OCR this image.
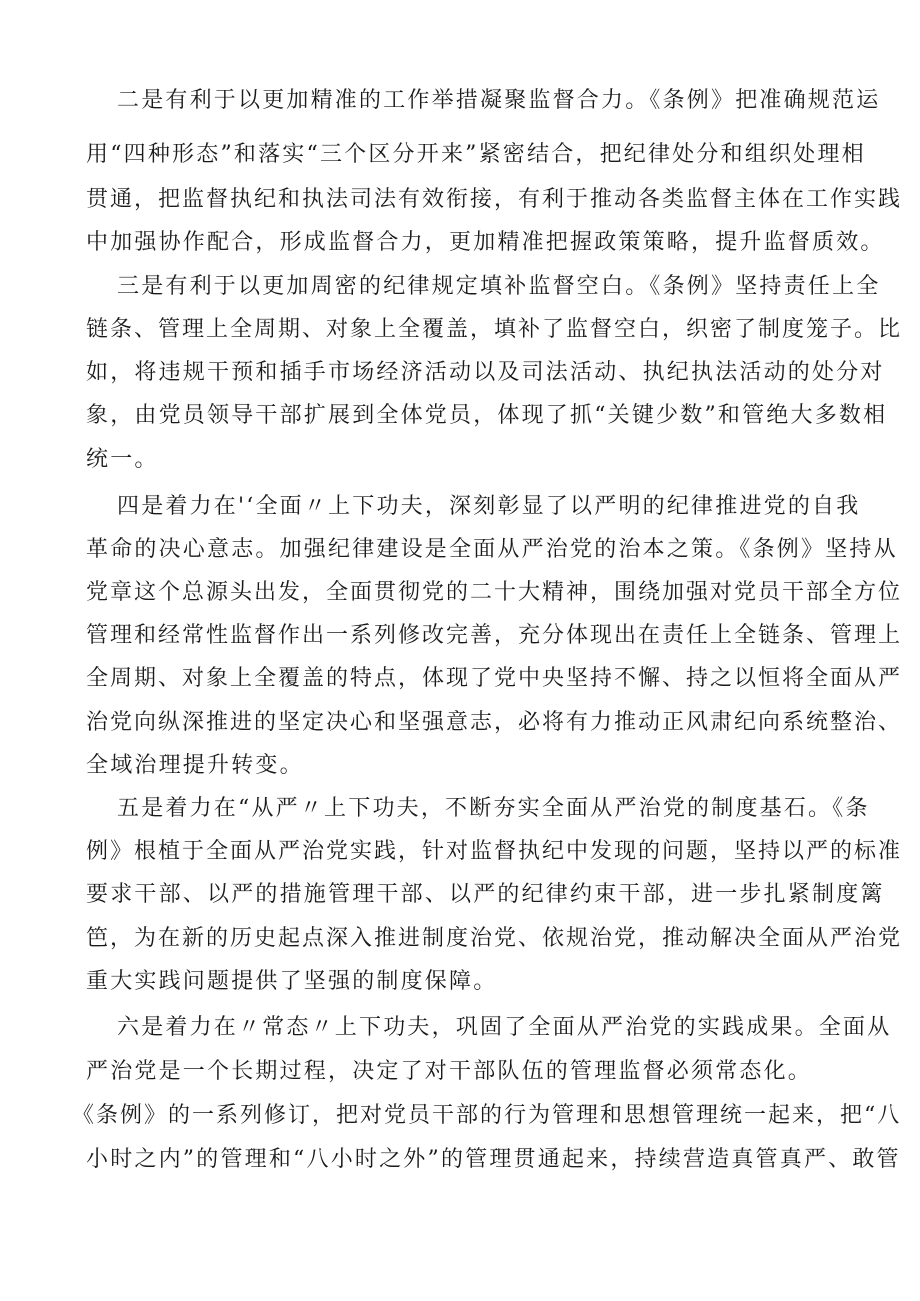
二是有利于以更加精准的工作举措凝聚监督合力。《条例》把准确规范运
用“四种形态”和落实“三个区分开来”紧密结合，把纪律处分和组织处理相
贯通，把监督执纪和执法司法有效衔接，有利于推动各类监督主体在工作实践
中加强协作配合，形成监督合力，更加精准把握政策策略，提升监督质效。
三是有利于以更加周密的纪律规定填补监督空白。《条例》坚持责任上全
链条、管理上全周期、对象上全覆盖，填补了监督空白，织密了制度笼子。比
如，将违规干预和插手市场经济活动以及司法活动、执纪执法活动的处分对
象，由党员领导干部扩展到全体党员，体现了抓“关键少数”和管绝大多数相
统一。
四是着力在'‘全面〃上下功夫，深刻彰显了以严明的纪律推进党的自我
革命的决心意志。加强纪律建设是全面从严治党的治本之策。《条例》坚持从
党章这个总源头出发，全面贯彻党的二十大精神，围绕加强对党员干部全方位
管理和经常性监督作出一系列修改完善，充分体现出在责任上全链条、管理上
全周期、对象上全覆盖的特点，体现了党中央坚持不懈、持之以恒将全面从严
治党向纵深推进的坚定决心和坚强意志，必将有力推动正风肃纪向系统整治、
全域治理提升转变。
五是着力在“从严〃上下功夫，不断夯实全面从严治党的制度基石。《条
例》根植于全面从严治党实践，针对监督执纪中发现的问题，坚持以严的标准
要求干部、以严的措施管理干部、以严的纪律约束干部，进一步扎紧制度篱
笆，为在新的历史起点深入推进制度治党、依规治党，推动解决全面从严治党
重大实践问题提供了坚强的制度保障。
六是着力在〃常态〃上下功夫，巩固了全面从严治党的实践成果。全面从
严治党是一个长期过程，决定了对干部队伍的管理监督必须常态化。
《条例》的一系列修订，把对党员干部的行为管理和思想管理统一起来，把“八
小时之内”的管理和“八小时之外”的管理贯通起来，持续营造真管真严、敢管
